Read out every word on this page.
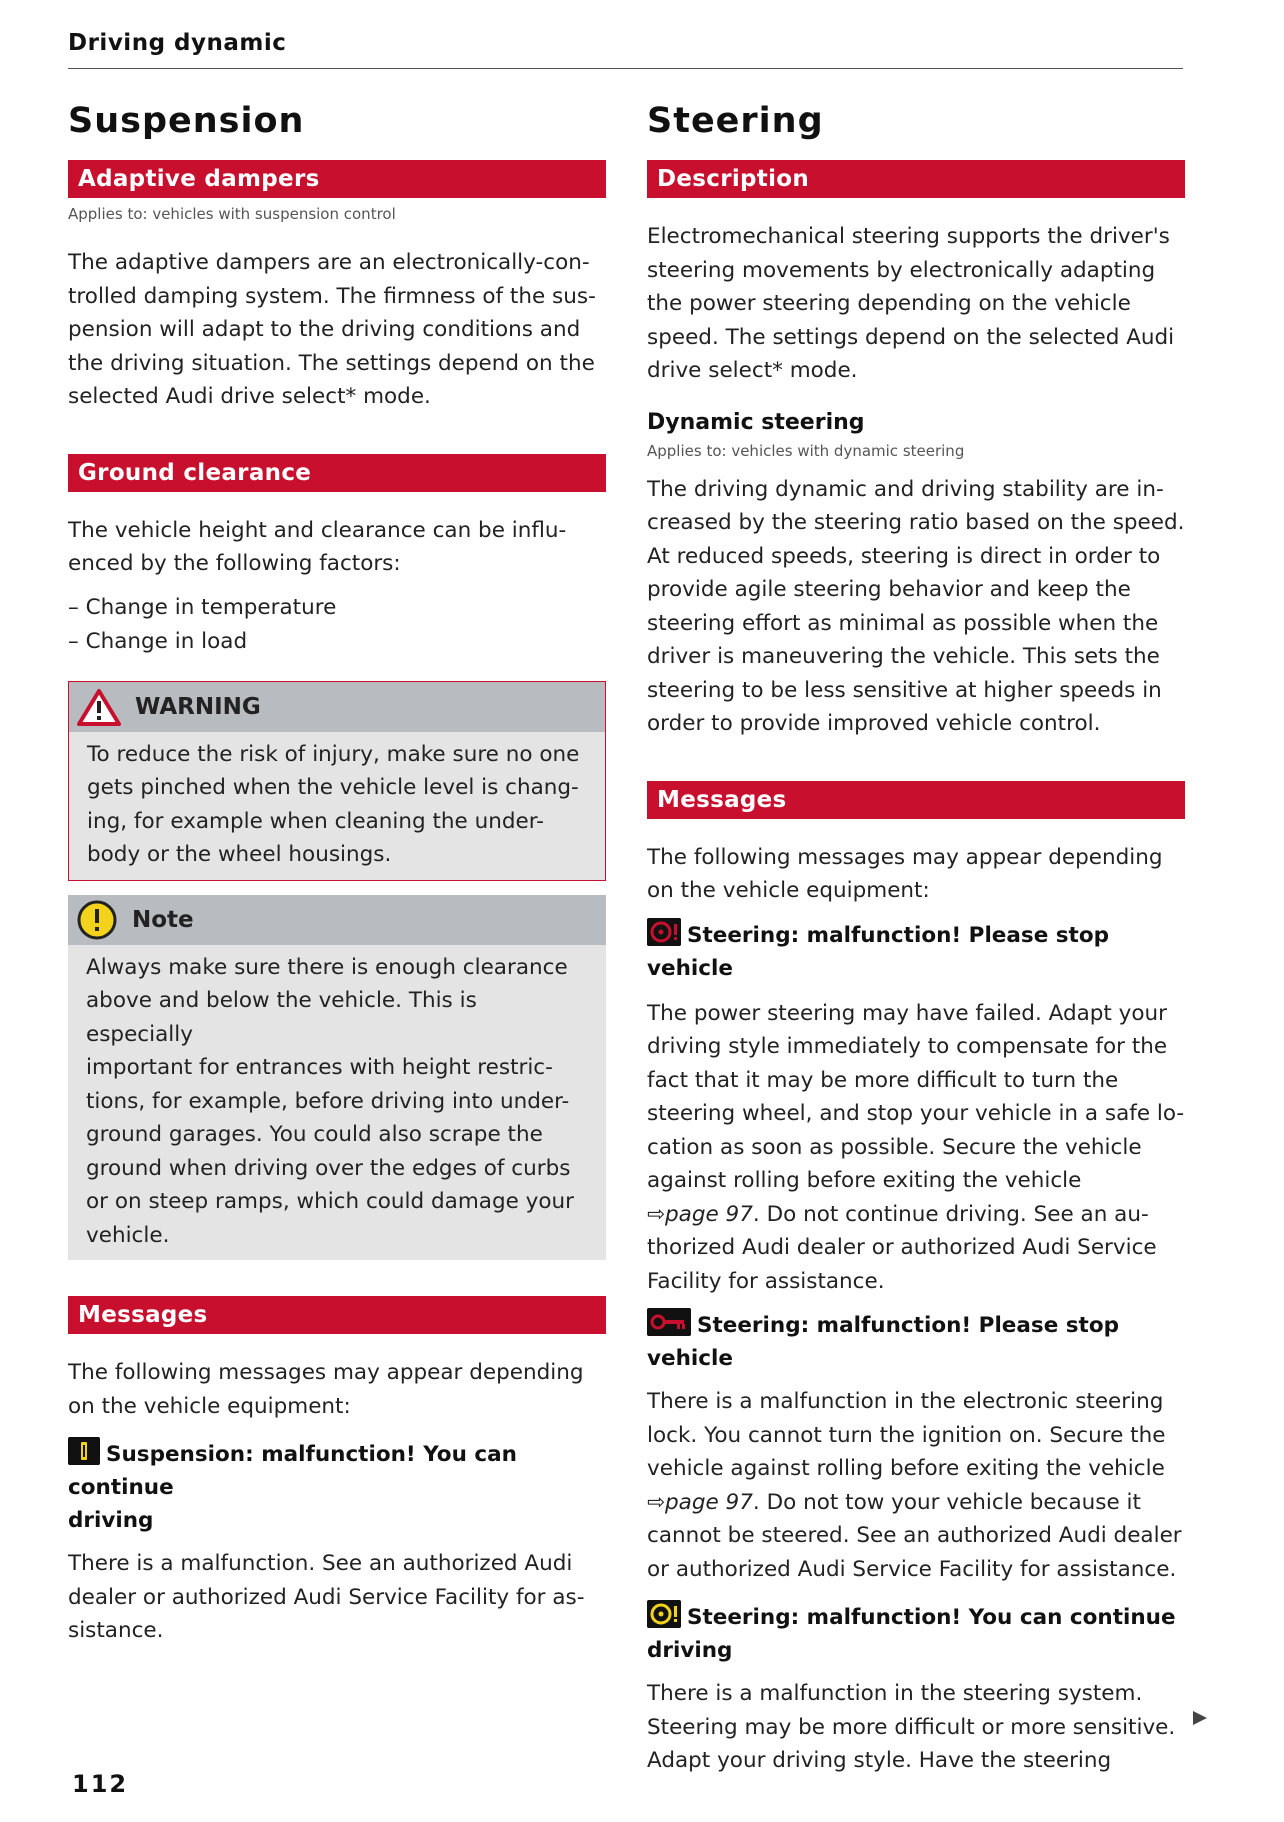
Driving dynamic
Suspension
Adaptive dampers
Applies to: vehicles with suspension control

The adaptive dampers are an electronically-con-
trolled damping system. The firmness of the sus-
pension will adapt to the driving conditions and
the driving situation. The settings depend on the
selected Audi drive select* mode.

Ground clearance

The vehicle height and clearance can be influ-
enced by the following factors:

– Change in temperature
– Change in load
WARNING

To reduce the risk of injury, make sure no one
gets pinched when the vehicle level is chang-
ing, for example when cleaning the under-
body or the wheel housings.

Note

Always make sure there is enough clearance
above and below the vehicle. This is especially
important for entrances with height restric-
tions, for example, before driving into under-
ground garages. You could also scrape the
ground when driving over the edges of curbs
or on steep ramps, which could damage your
vehicle.

Messages

The following messages may appear depending
on the vehicle equipment:

Suspension: malfunction! You can continue
driving

There is a malfunction. See an authorized Audi
dealer or authorized Audi Service Facility for as-
sistance.

Steering
Description

Electromechanical steering supports the driver's
steering movements by electronically adapting
the power steering depending on the vehicle
speed. The settings depend on the selected Audi
drive select* mode.

Dynamic steering
Applies to: vehicles with dynamic steering

The driving dynamic and driving stability are in-
creased by the steering ratio based on the speed.
At reduced speeds, steering is direct in order to
provide agile steering behavior and keep the
steering effort as minimal as possible when the
driver is maneuvering the vehicle. This sets the
steering to be less sensitive at higher speeds in
order to provide improved vehicle control.

Messages

The following messages may appear depending
on the vehicle equipment:

Steering: malfunction! Please stop vehicle

The power steering may have failed. Adapt your
driving style immediately to compensate for the
fact that it may be more difficult to turn the
steering wheel, and stop your vehicle in a safe lo-
cation as soon as possible. Secure the vehicle
against rolling before exiting the vehicle
⇨page 97. Do not continue driving. See an au-
thorized Audi dealer or authorized Audi Service
Facility for assistance.

Steering: malfunction! Please stop vehicle

There is a malfunction in the electronic steering
lock. You cannot turn the ignition on. Secure the
vehicle against rolling before exiting the vehicle
⇨page 97. Do not tow your vehicle because it
cannot be steered. See an authorized Audi dealer
or authorized Audi Service Facility for assistance.

Steering: malfunction! You can continue
driving

There is a malfunction in the steering system.
Steering may be more difficult or more sensitive.
Adapt your driving style. Have the steering

112
